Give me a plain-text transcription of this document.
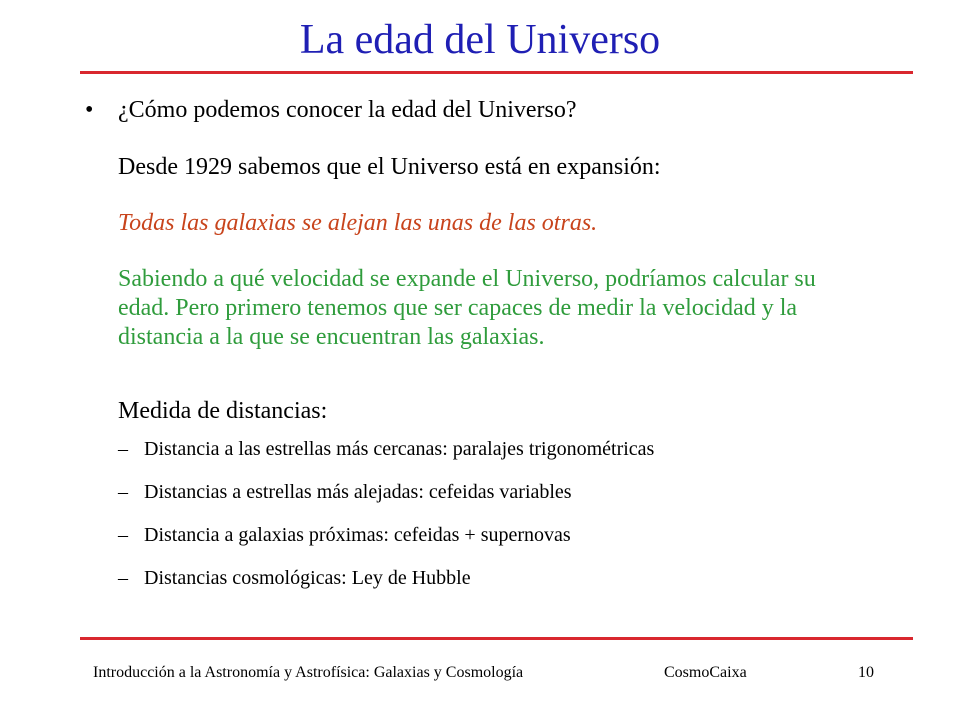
La edad del Universo
• ¿Cómo podemos conocer la edad del Universo?
Desde 1929 sabemos que el Universo está en expansión:
Todas las galaxias se alejan las unas de las otras.
Sabiendo a qué velocidad se expande el Universo, podríamos calcular su
edad. Pero primero tenemos que ser capaces de medir la velocidad y la
distancia a la que se encuentran las galaxias.
Medida de distancias:
– Distancia a las estrellas más cercanas: paralajes trigonométricas
– Distancias a estrellas más alejadas: cefeidas variables
– Distancia a galaxias próximas: cefeidas + supernovas
– Distancias cosmológicas: Ley de Hubble
Introducción a la Astronomía y Astrofísica: Galaxias y Cosmología	CosmoCaixa	10
